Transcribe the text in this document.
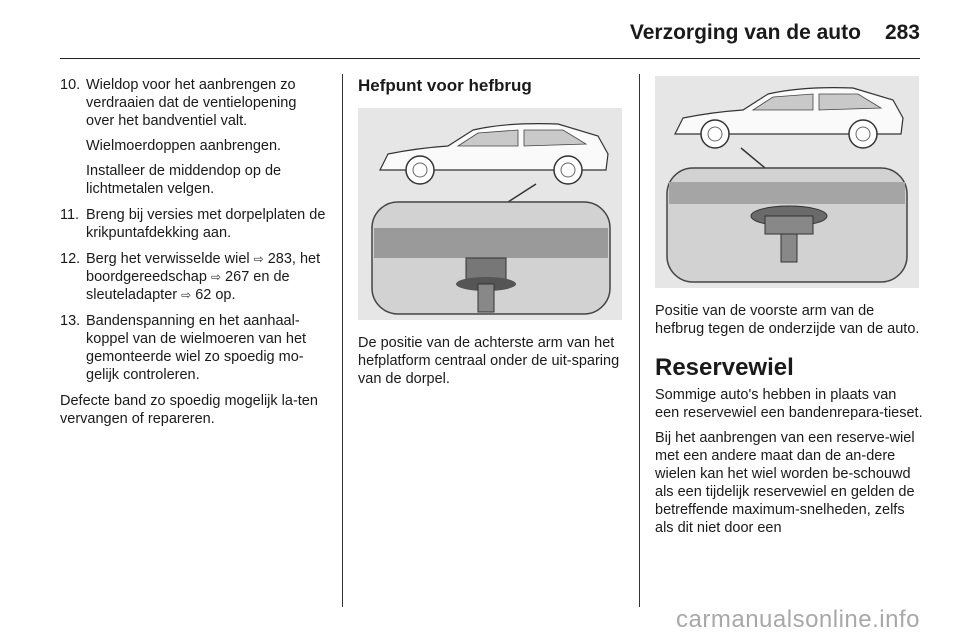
Verzorging van de auto 283
10. Wieldop voor het aanbrengen zo verdraaien dat de ventielopening over het bandventiel valt.

Wielmoerdoppen aanbrengen.

Installeer de middendop op de lichtmetalen velgen.

11. Breng bij versies met dorpelplaten de krikpuntafdekking aan.

12. Berg het verwisselde wiel ⇨ 283, het boordgereedschap ⇨ 267 en de sleuteladapter ⇨ 62 op.
13. Bandenspanning en het aanhaal-koppel van de wielmoeren van het gemonteerde wiel zo spoedig mo-gelijk controleren.

Defecte band zo spoedig mogelijk la-ten vervangen of repareren.

Hefpunt voor hefbrug

De positie van de achterste arm van het hefplatform centraal onder de uit-sparing van de dorpel.

Positie van de voorste arm van de hefbrug tegen de onderzijde van de auto.

Reservewiel

Sommige auto's hebben in plaats van een reservewiel een bandenrepara-tieset.

Bij het aanbrengen van een reserve-wiel met een andere maat dan de an-dere wielen kan het wiel worden be-schouwd als een tijdelijk reservewiel en gelden de betreffende maximum-snelheden, zelfs als dit niet door een

carmanualsonline.info
